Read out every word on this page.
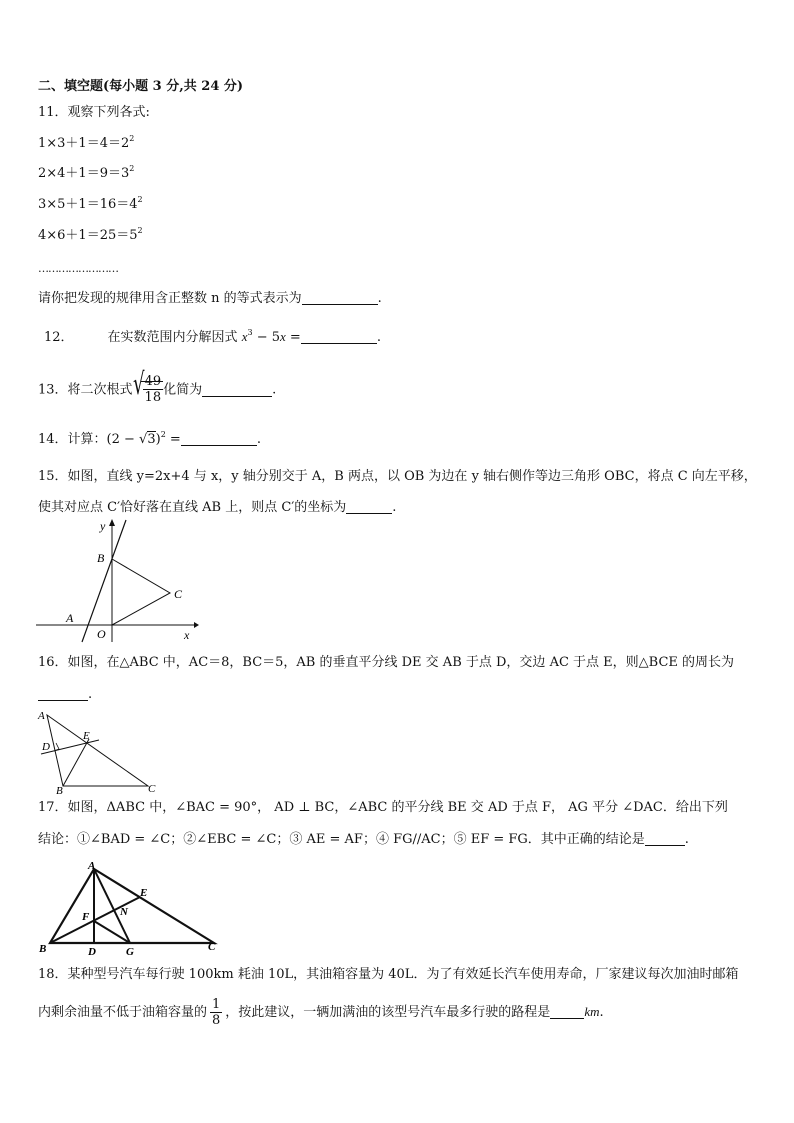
二、填空题(每小题 3 分,共 24 分)
11．观察下列各式:
$1\times 3+1=4=2^2$
$2\times 4+1=9=3^2$
$3\times 5+1=16=4^2$
$4\times 6+1=25=5^2$
……………………
请你把发现的规律用含正整数 n 的等式表示为	.
12．	在实数范围内分解因式 $x^3 - 5x$ =	.
13．将二次根式 √
$\frac{49}{18}$ 化简为	.
14．计算：$(2 - √3)^2$ =	.
15．如图，直线 y=2x+4 与 x，y 轴分别交于 A，B 两点，以 OB 为边在 y 轴右侧作等边三角形 OBC，将点 C 向左平移，
使其对应点 C′恰好落在直线 AB 上，则点 C′的坐标为	.
y
x
B
C
A
O
16．如图，在△ABC 中，AC＝8，BC＝5，AB 的垂直平分线 DE 交 AB 于点 D，交边 AC 于点 E，则△BCE 的周长为
.
A
E
D
B	C
17．如图，ΔABC 中，∠BAC = 90°， AD ⊥ BC，∠ABC 的平分线 BE 交 AD 于点 F， AG 平分 ∠DAC．给出下列
结论：①∠BAD = ∠C；②∠EBC = ∠C；③ AE = AF；④ FG//AC；⑤ EF = FG．其中正确的结论是	.
A
E
F	N
B	D	G	C
18．某种型号汽车每行驶 100km 耗油 10L，其油箱容量为 40L．为了有效延长汽车使用寿命，厂家建议每次加油时邮箱
内剩余油量不低于油箱容量的 $\frac{1}{8}$ ，按此建议，一辆加满油的该型号汽车最多行驶的路程是	km.
